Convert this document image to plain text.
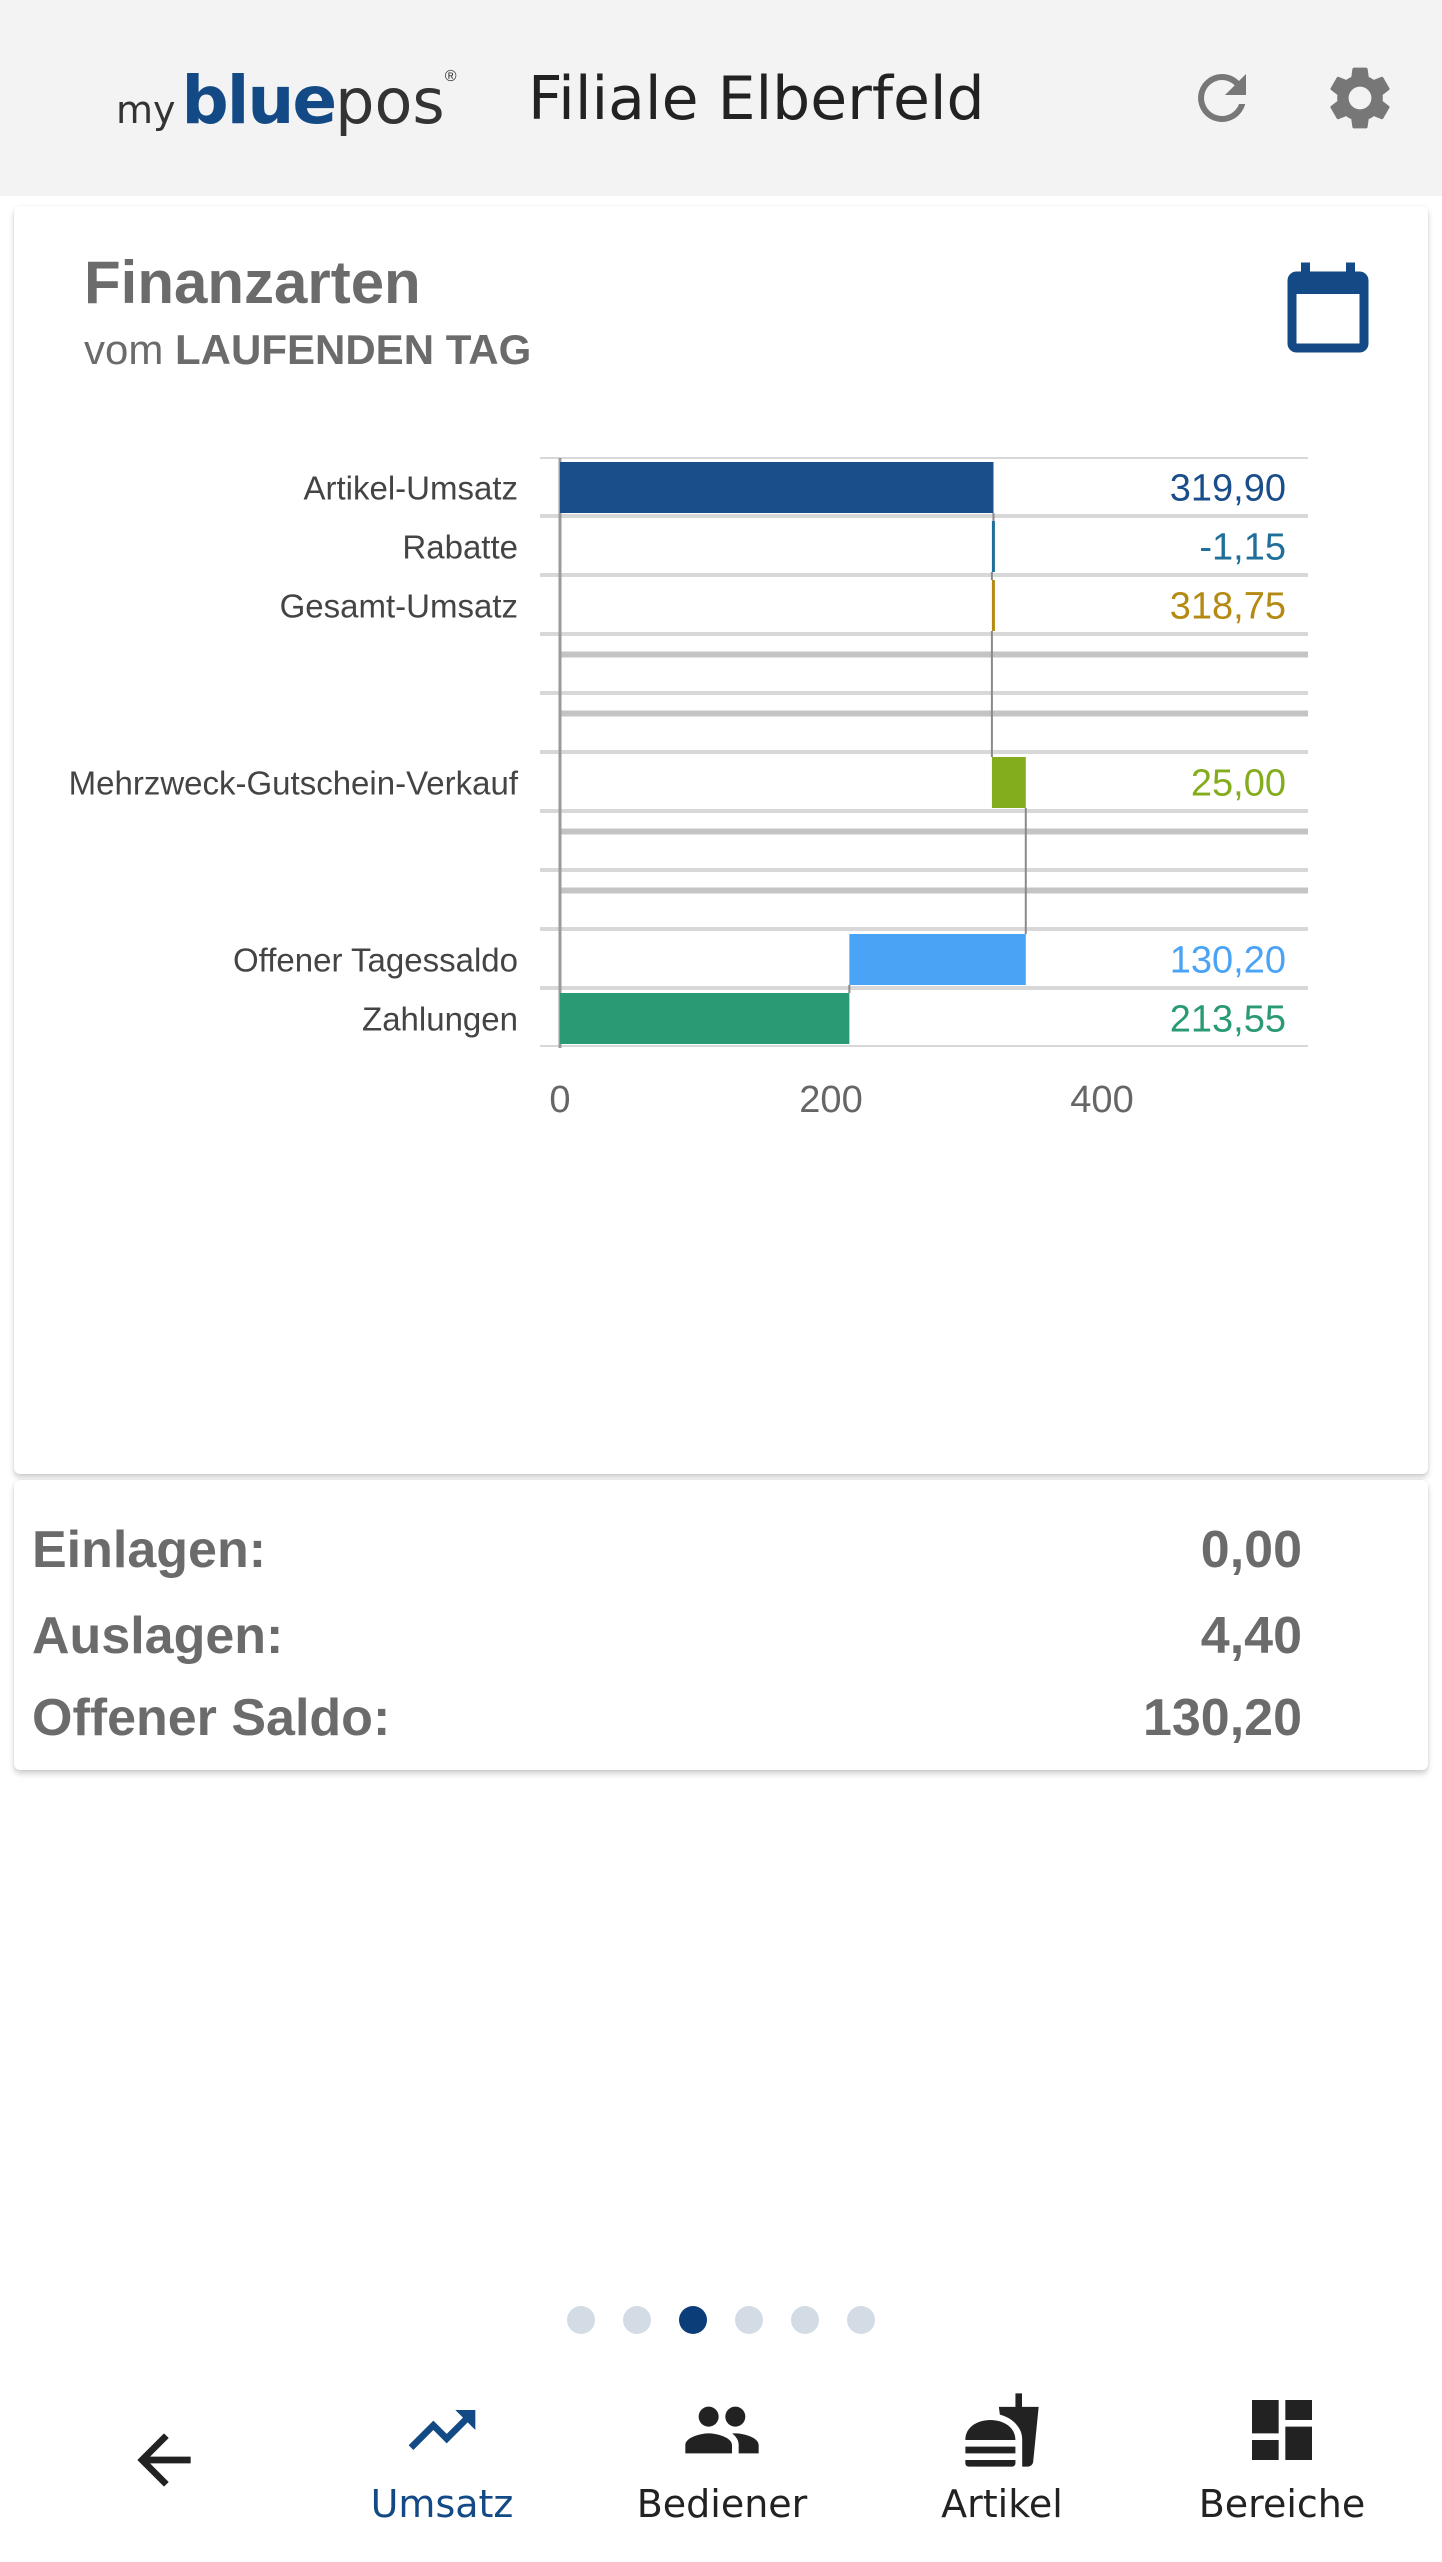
my blue pos ® Filiale Elberfeld
Finanzarten
vom LAUFENDEN TAG
Artikel-Umsatz	319,90
Rabatte	-1,15
Gesamt-Umsatz	318,75
Mehrzweck-Gutschein-Verkauf	25,00
Offener Tagessaldo	130,20
Zahlungen	213,55
0	200	400
Einlagen:	0,00
Auslagen:	4,40
Offener Saldo:	130,20
Umsatz	Bediener	Artikel	Bereiche
